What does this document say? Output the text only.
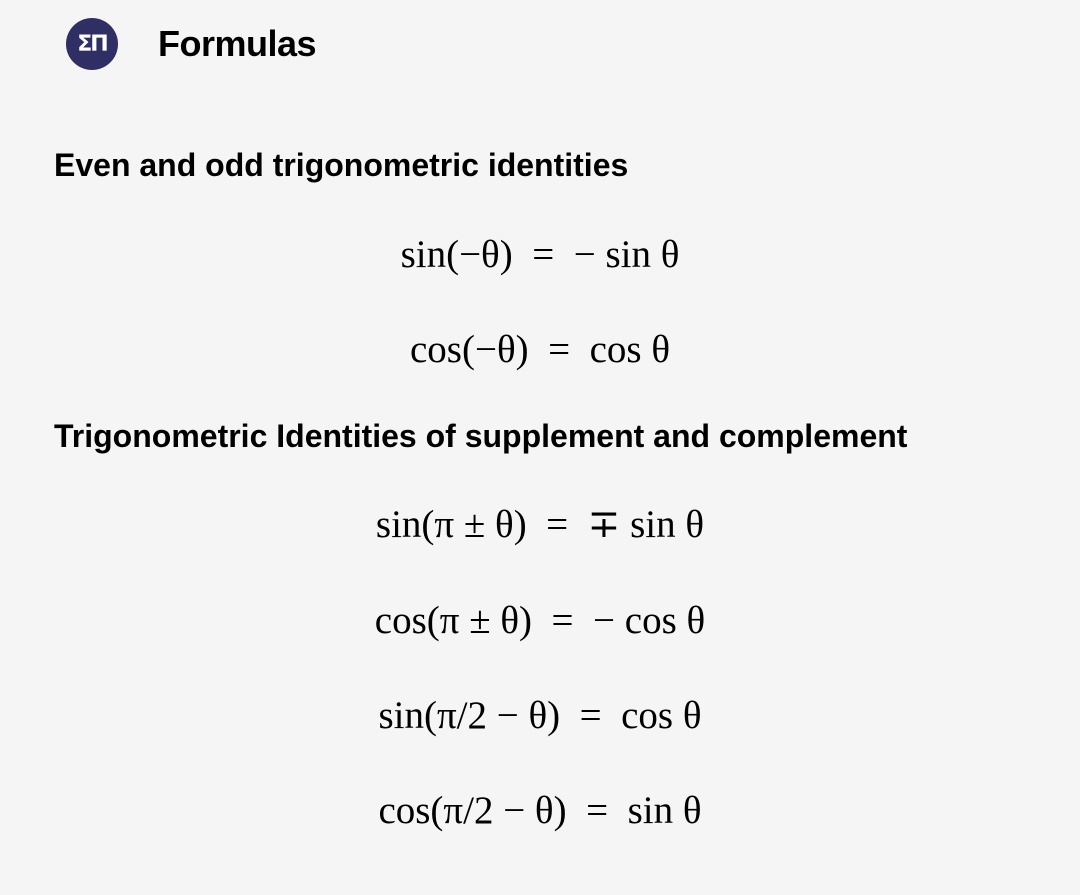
ΣΠ	Formulas
Even and odd trigonometric identities
sin(−θ)  =  − sin θ
cos(−θ)  =  cos θ
Trigonometric Identities of supplement and complement
sin(π ± θ)  =  ∓ sin θ
cos(π ± θ)  =  − cos θ
sin(π/2 − θ)  =  cos θ
cos(π/2 − θ)  =  sin θ
